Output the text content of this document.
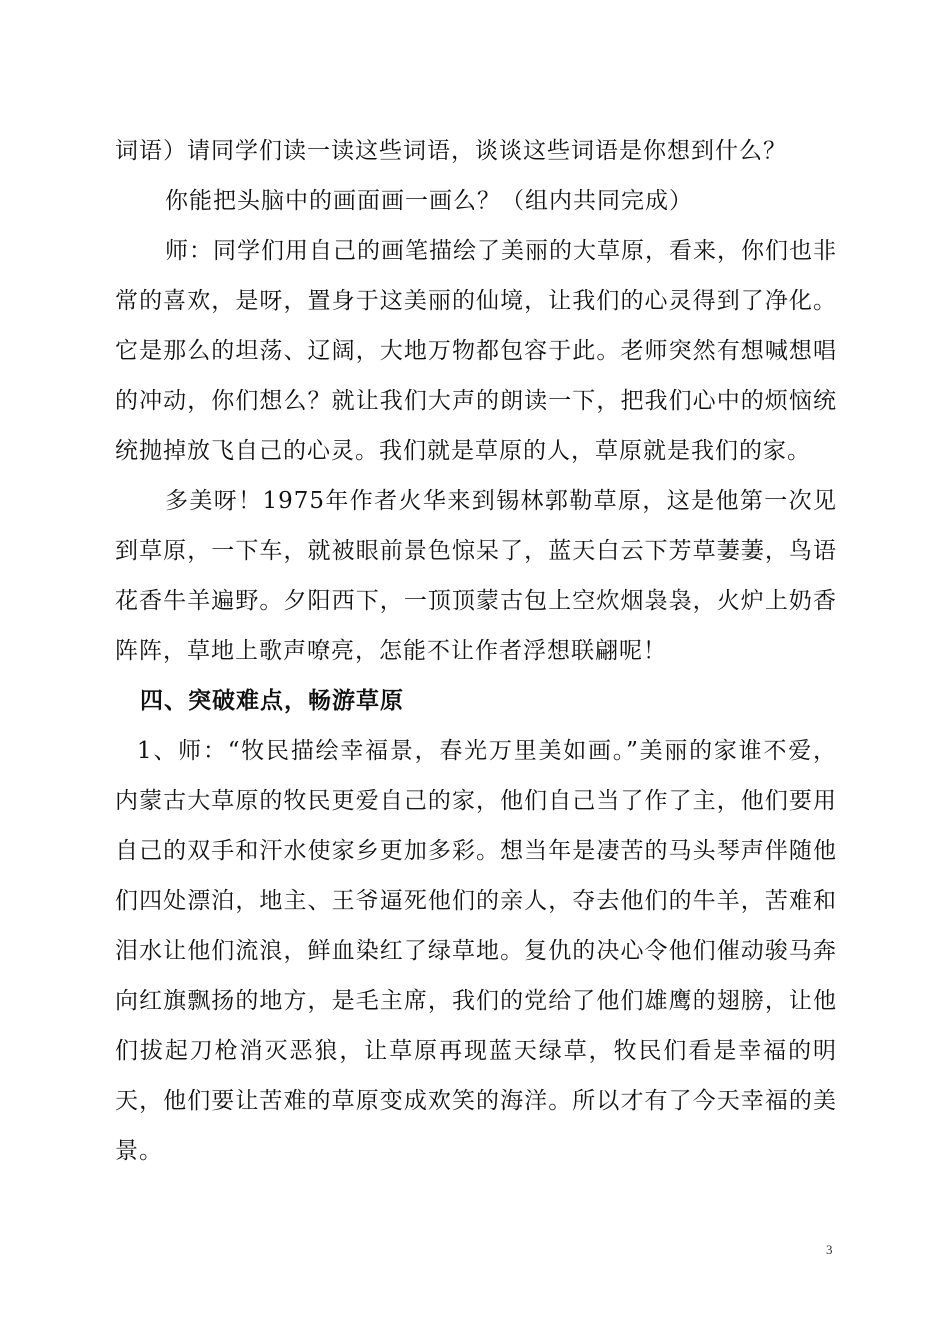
词语）请同学们读一读这些词语，谈谈这些词语是你想到什么？

你能把头脑中的画面画一画么？（组内共同完成）

师：同学们用自己的画笔描绘了美丽的大草原，看来，你们也非常的喜欢，是呀，置身于这美丽的仙境，让我们的心灵得到了净化。它是那么的坦荡、辽阔，大地万物都包容于此。老师突然有想喊想唱的冲动，你们想么？就让我们大声的朗读一下，把我们心中的烦恼统统抛掉放飞自己的心灵。我们就是草原的人，草原就是我们的家。

多美呀！1975年作者火华来到锡林郭勒草原，这是他第一次见到草原，一下车，就被眼前景色惊呆了，蓝天白云下芳草萋萋，鸟语花香牛羊遍野。夕阳西下，一顶顶蒙古包上空炊烟袅袅，火炉上奶香阵阵，草地上歌声嘹亮，怎能不让作者浮想联翩呢！

四、突破难点，畅游草原

1、师：“牧民描绘幸福景，春光万里美如画。”美丽的家谁不爱，内蒙古大草原的牧民更爱自己的家，他们自己当了作了主，他们要用自己的双手和汗水使家乡更加多彩。想当年是凄苦的马头琴声伴随他们四处漂泊，地主、王爷逼死他们的亲人，夺去他们的牛羊，苦难和泪水让他们流浪，鲜血染红了绿草地。复仇的决心令他们催动骏马奔向红旗飘扬的地方，是毛主席，我们的党给了他们雄鹰的翅膀，让他们拔起刀枪消灭恶狼，让草原再现蓝天绿草，牧民们看是幸福的明天，他们要让苦难的草原变成欢笑的海洋。所以才有了今天幸福的美景。

3
